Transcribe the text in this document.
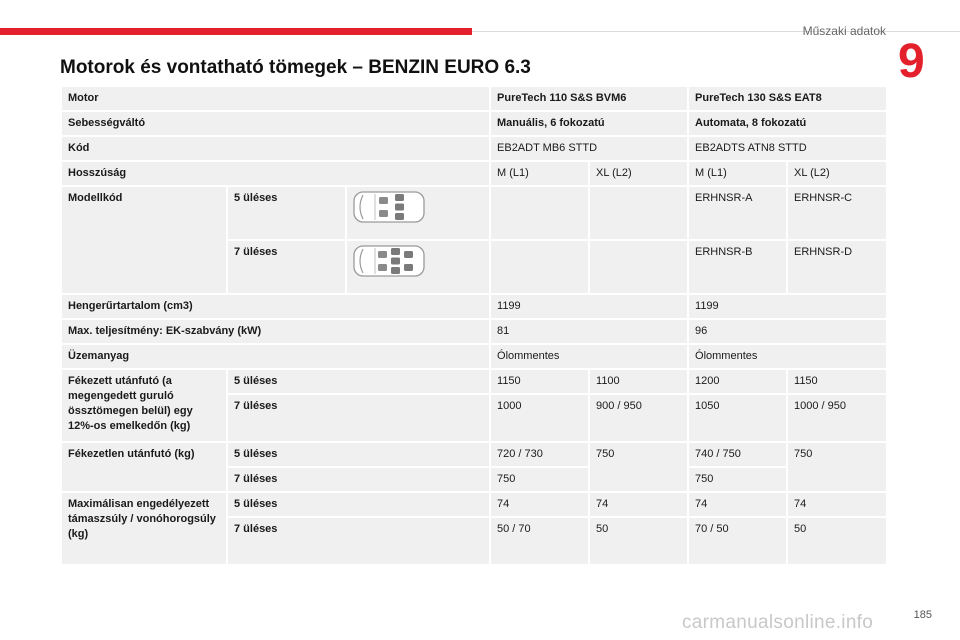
Műszaki adatok
9
Motorok és vontatható tömegek – BENZIN EURO 6.3
Motor			PureTech 110 S&S BVM6		PureTech 130 S&S EAT8	
Sebességváltó			Manuális, 6 fokozatú		Automata, 8 fokozatú	
Kód			EB2ADT MB6 STTD		EB2ADTS ATN8 STTD	
Hosszúság			M (L1)	XL (L2)	M (L1)	XL (L2)
Modellkód	5 üléses				ERHNSR-A	ERHNSR-C
	7 üléses				ERHNSR-B	ERHNSR-D
Hengerűrtartalom (cm3)			1199		1199	
Max. teljesítmény: EK-szabvány (kW)			81		96	
Üzemanyag			Ólommentes		Ólommentes	
Fékezett utánfutó (a megengedett guruló össztömegen belül) egy 12%-os emelkedőn (kg)	5 üléses		1150	1100	1200	1150
	7 üléses		1000	900 / 950	1050	1000 / 950
Fékezetlen utánfutó (kg)	5 üléses		720 / 730	750	740 / 750	750
	7 üléses		750		750	
Maximálisan engedélyezett támaszsúly / vonóhorogsúly (kg)	5 üléses		74	74	74	74
	7 üléses		50 / 70	50	70 / 50	50
185
carmanualsonline.info
